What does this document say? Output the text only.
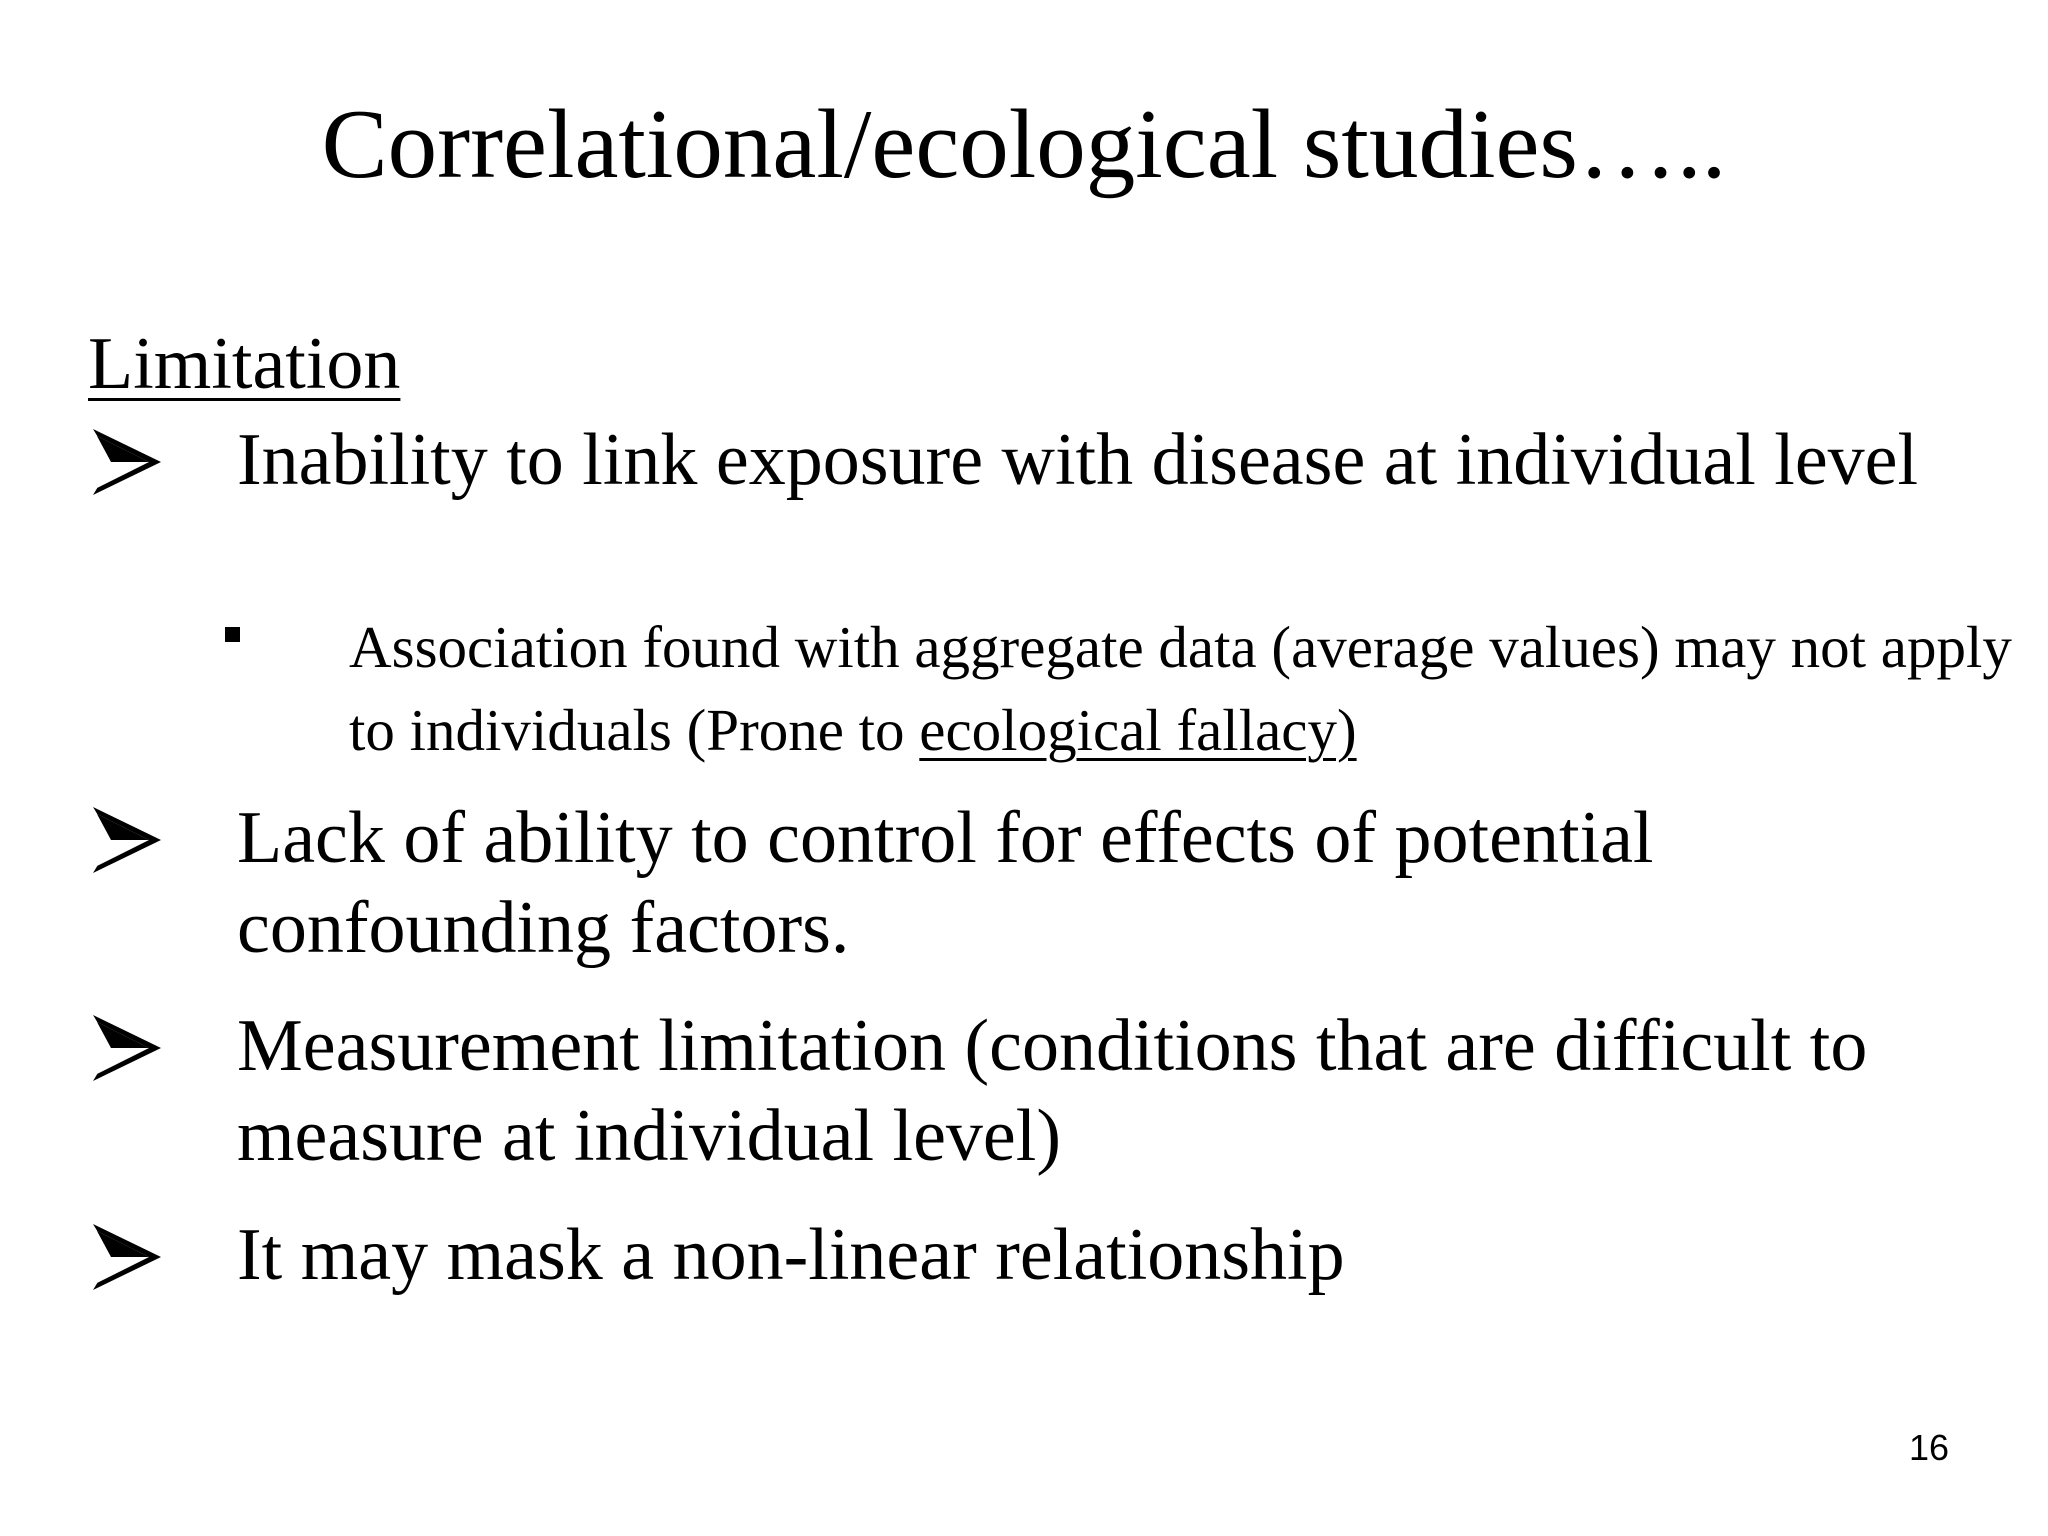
Correlational/ecological studies…..
Limitation

Inability to link exposure with disease at individual level

Association found with aggregate data (average values) may not apply to individuals (Prone to ecological fallacy)

Lack of ability to control for effects of potential confounding factors.

Measurement limitation (conditions that are difficult to measure at individual level)

It may mask a non-linear relationship

16
